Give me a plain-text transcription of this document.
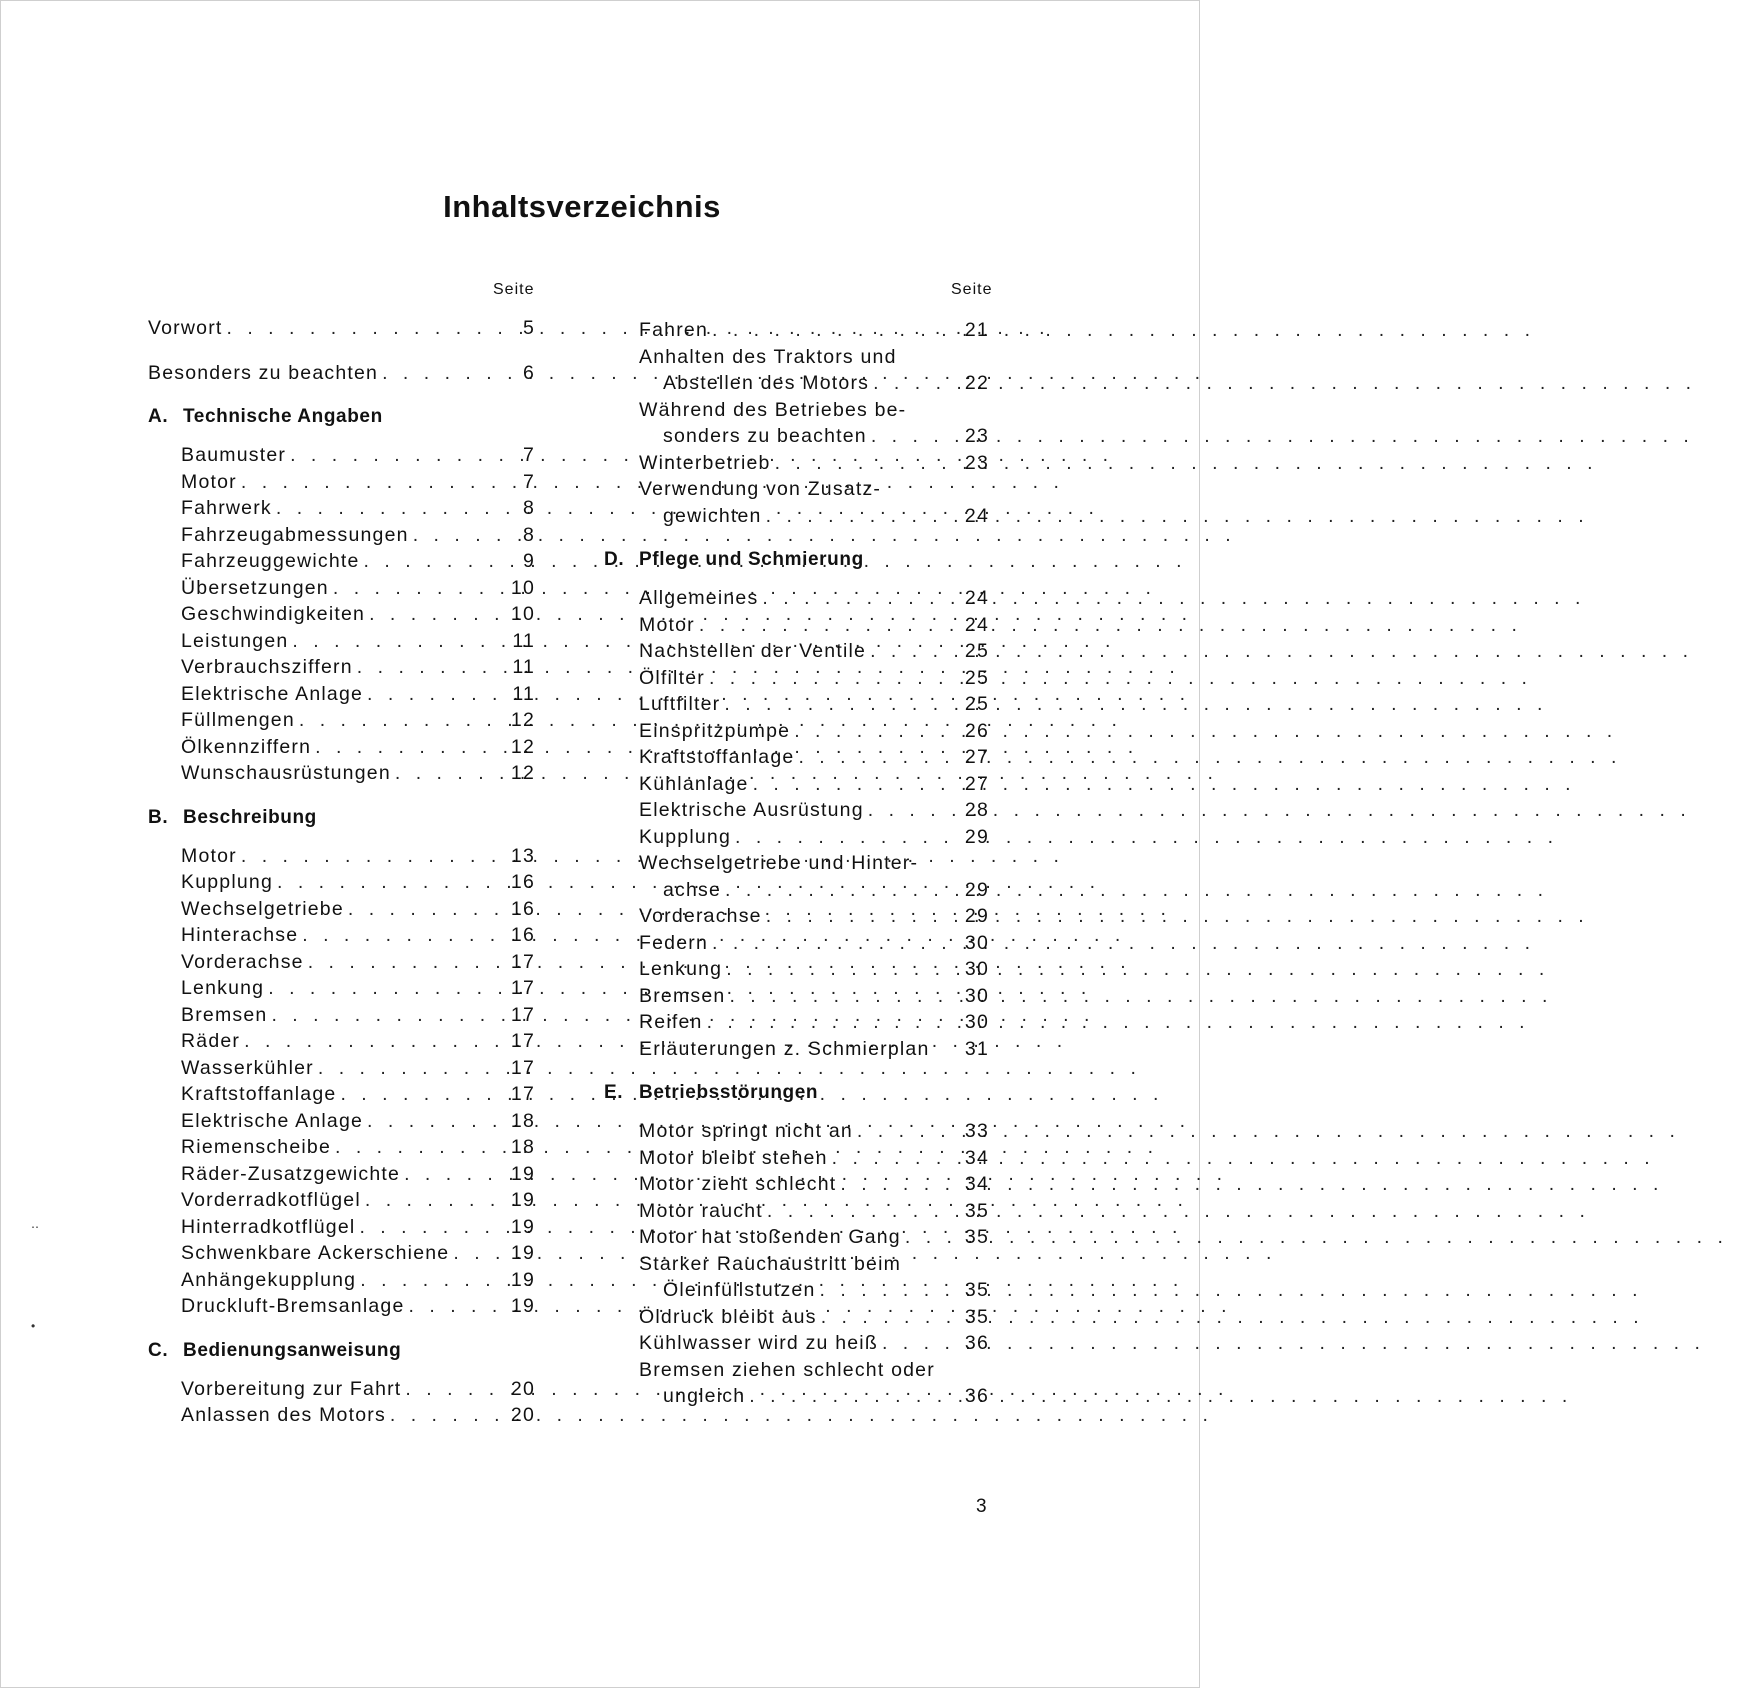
Inhaltsverzeichnis
Seite	Seite
Vorwort . . .	5
Besonders zu beachten . . .	6
A. Technische Angaben
Baumuster . . .	7
Motor . . .	7
Fahrwerk . . .	8
Fahrzeugabmessungen . . .	8
Fahrzeuggewichte . . .	9
Übersetzungen . . .	10
Geschwindigkeiten . . .	10
Leistungen . . .	11
Verbrauchsziffern . . .	11
Elektrische Anlage . . .	11
Füllmengen . . .	12
Ölkennziffern . . .	12
Wunschausrüstungen . . .	12
B. Beschreibung
Motor . . .	13
Kupplung . . .	16
Wechselgetriebe . . .	16
Hinterachse . . .	16
Vorderachse . . .	17
Lenkung . . .	17
Bremsen . . .	17
Räder . . .	17
Wasserkühler . . .	17
Kraftstoffanlage . . .	17
Elektrische Anlage . . .	18
Riemenscheibe . . .	18
Räder-Zusatzgewichte . . .	19
Vorderradkotflügel . . .	19
Hinterradkotflügel . . .	19
Schwenkbare Ackerschiene . . .	19
Anhängekupplung . . .	19
Druckluft-Bremsanlage . . .	19
C. Bedienungsanweisung
Vorbereitung zur Fahrt . . .	20
Anlassen des Motors . . .	20
Fahren . . .	21
Anhalten des Traktors und
Abstellen des Motors . . .	22
Während des Betriebes be-
sonders zu beachten . . .	23
Winterbetrieb . . .	23
Verwendung von Zusatz-
gewichten . . .	24
D. Pflege und Schmierung
Allgemeines . . .	24
Motor . . .	24
Nachstellen der Ventile . . .	25
Ölfilter . . .	25
Luftfilter . . .	25
Einspritzpumpe . . .	26
Kraftstoffanlage . . .	27
Kühlanlage . . .	27
Elektrische Ausrüstung . . .	28
Kupplung . . .	29
Wechselgetriebe und Hinter-
achse . . .	29
Vorderachse . . .	29
Federn . . .	30
Lenkung . . .	30
Bremsen . . .	30
Reifen . . .	30
Erläuterungen z. Schmierplan	31
E. Betriebsstörungen
Motor springt nicht an . . .	33
Motor bleibt stehen . . .	34
Motor zieht schlecht . . .	34
Motor raucht . . .	35
Motor hat stoßenden Gang . . .	35
Starker Rauchaustritt beim
Öleinfüllstutzen . . .	35
Öldruck bleibt aus . . .	35
Kühlwasser wird zu heiß . . .	36
Bremsen ziehen schlecht oder
ungleich . . .	36
3
‥
•
